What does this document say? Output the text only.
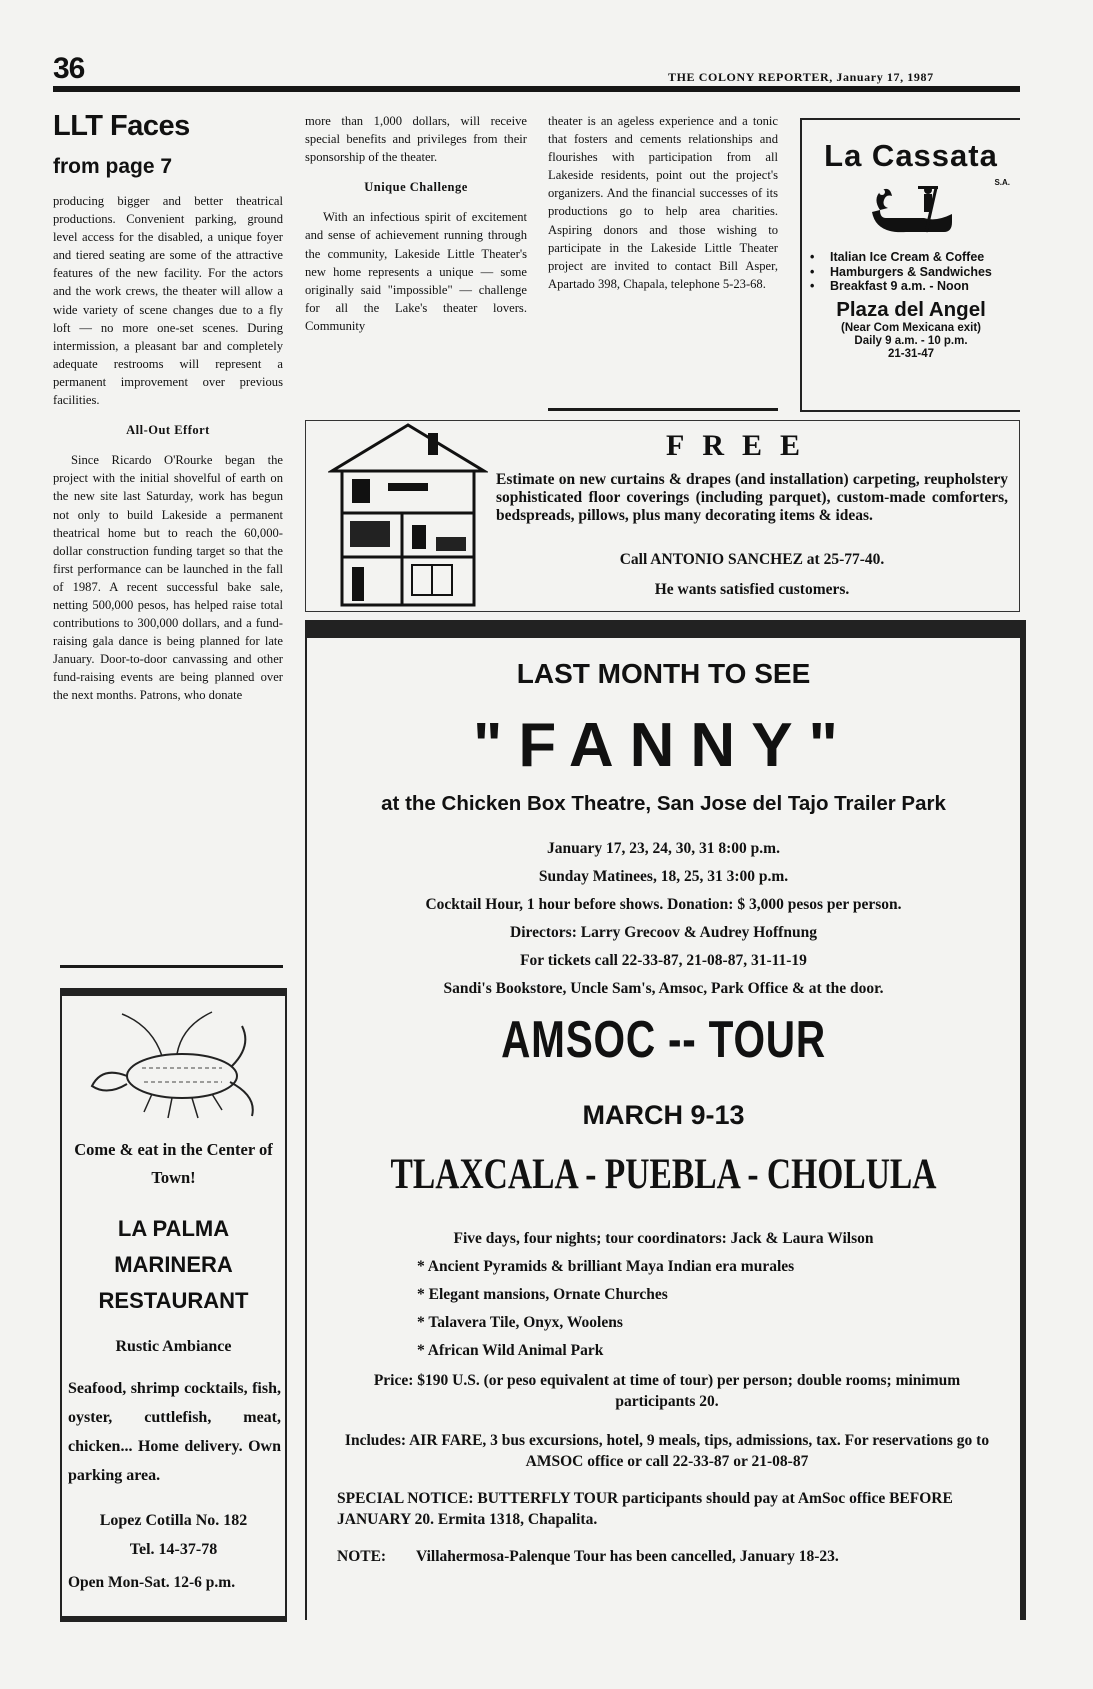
36	THE COLONY REPORTER, January 17, 1987
LLT Faces
from page 7

producing bigger and better theatrical productions. Convenient parking, ground level access for the disabled, a unique foyer and tiered seating are some of the attractive features of the new facility. For the actors and the work crews, the theater will allow a wide variety of scene changes due to a fly loft — no more one-set scenes. During intermission, a pleasant bar and completely adequate restrooms will represent a permanent improvement over previous facilities.

All-Out Effort

Since Ricardo O'Rourke began the project with the initial shovelful of earth on the new site last Saturday, work has begun not only to build Lakeside a permanent theatrical home but to reach the 60,000-dollar construction funding target so that the first performance can be launched in the fall of 1987. A recent successful bake sale, netting 500,000 pesos, has helped raise total contributions to 300,000 dollars, and a fund-raising gala dance is being planned for late January. Door-to-door canvassing and other fund-raising events are being planned over the next months. Patrons, who donate

more than 1,000 dollars, will receive special benefits and privileges from their sponsorship of the theater.

Unique Challenge

With an infectious spirit of excitement and sense of achievement running through the community, Lakeside Little Theater's new home represents a unique — some originally said "impossible" — challenge for all the Lake's theater lovers. Community

theater is an ageless experience and a tonic that fosters and cements relationships and flourishes with participation from all Lakeside residents, point out the project's organizers. And the financial successes of its productions go to help area charities. Aspiring donors and those wishing to participate in the Lakeside Little Theater project are invited to contact Bill Asper, Apartado 398, Chapala, telephone 5-23-68.

La Cassata
S.A.
• Italian Ice Cream & Coffee
• Hamburgers & Sandwiches
• Breakfast 9 a.m. - Noon
Plaza del Angel
(Near Com Mexicana exit)
Daily 9 a.m. - 10 p.m.
21-31-47
FREE
Estimate on new curtains & drapes (and installation) carpeting, reupholstery sophisticated floor coverings (including parquet), custom-made comforters, bedspreads, pillows, plus many decorating items & ideas.
Call ANTONIO SANCHEZ at 25-77-40.
He wants satisfied customers.
LAST MONTH TO SEE
"FANNY"
at the Chicken Box Theatre, San Jose del Tajo Trailer Park
January 17, 23, 24, 30, 31 8:00 p.m.
Sunday Matinees, 18, 25, 31 3:00 p.m.
Cocktail Hour, 1 hour before shows. Donation: $ 3,000 pesos per person.
Directors: Larry Grecoov & Audrey Hoffnung
For tickets call 22-33-87, 21-08-87, 31-11-19
Sandi's Bookstore, Uncle Sam's, Amsoc, Park Office & at the door.
AMSOC -- TOUR
MARCH 9-13
TLAXCALA - PUEBLA - CHOLULA
Five days, four nights; tour coordinators: Jack & Laura Wilson
* Ancient Pyramids & brilliant Maya Indian era murales
* Elegant mansions, Ornate Churches
* Talavera Tile, Onyx, Woolens
* African Wild Animal Park
Price: $190 U.S. (or peso equivalent at time of tour) per person; double rooms; minimum participants 20.
Includes: AIR FARE, 3 bus excursions, hotel, 9 meals, tips, admissions, tax. For reservations go to AMSOC office or call 22-33-87 or 21-08-87
SPECIAL NOTICE: BUTTERFLY TOUR participants should pay at AmSoc office BEFORE JANUARY 20. Ermita 1318, Chapalita.
NOTE: Villahermosa-Palenque Tour has been cancelled, January 18-23.
Come & eat in the Center of Town!
LA PALMA MARINERA RESTAURANT
Rustic Ambiance
Seafood, shrimp cocktails, fish, oyster, cuttlefish, meat, chicken... Home delivery. Own parking area.
Lopez Cotilla No. 182
Tel. 14-37-78
Open Mon-Sat. 12-6 p.m.
